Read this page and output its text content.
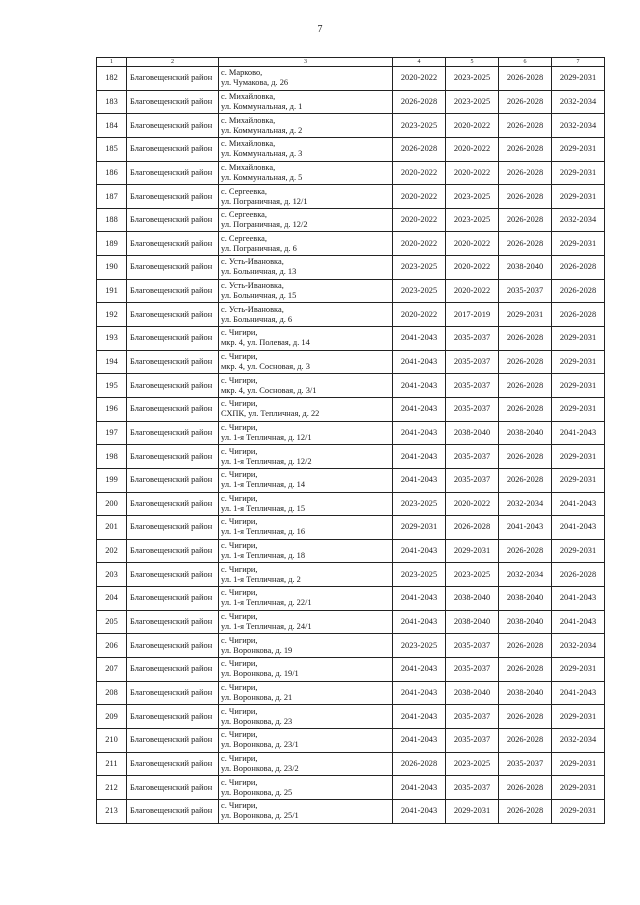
7
1	2	3	4	5	6	7
182	Благовещенский район	с. Марково,
ул. Чумакова, д. 26	2020-2022	2023-2025	2026-2028	2029-2031
183	Благовещенский район	с. Михайловка,
ул. Коммунальная, д. 1	2026-2028	2023-2025	2026-2028	2032-2034
184	Благовещенский район	с. Михайловка,
ул. Коммунальная, д. 2	2023-2025	2020-2022	2026-2028	2032-2034
185	Благовещенский район	с. Михайловка,
ул. Коммунальная, д. 3	2026-2028	2020-2022	2026-2028	2029-2031
186	Благовещенский район	с. Михайловка,
ул. Коммунальная, д. 5	2020-2022	2020-2022	2026-2028	2029-2031
187	Благовещенский район	с. Сергеевка,
ул. Пограничная, д. 12/1	2020-2022	2023-2025	2026-2028	2029-2031
188	Благовещенский район	с. Сергеевка,
ул. Пограничная, д. 12/2	2020-2022	2023-2025	2026-2028	2032-2034
189	Благовещенский район	с. Сергеевка,
ул. Пограничная, д. 6	2020-2022	2020-2022	2026-2028	2029-2031
190	Благовещенский район	с. Усть-Ивановка,
ул. Больничная, д. 13	2023-2025	2020-2022	2038-2040	2026-2028
191	Благовещенский район	с. Усть-Ивановка,
ул. Больничная, д. 15	2023-2025	2020-2022	2035-2037	2026-2028
192	Благовещенский район	с. Усть-Ивановка,
ул. Больничная, д. 6	2020-2022	2017-2019	2029-2031	2026-2028
193	Благовещенский район	с. Чигири,
мкр. 4, ул. Полевая, д. 14	2041-2043	2035-2037	2026-2028	2029-2031
194	Благовещенский район	с. Чигири,
мкр. 4, ул. Сосновая, д. 3	2041-2043	2035-2037	2026-2028	2029-2031
195	Благовещенский район	с. Чигири,
мкр. 4, ул. Сосновая, д. 3/1	2041-2043	2035-2037	2026-2028	2029-2031
196	Благовещенский район	с. Чигири,
СХПК, ул. Тепличная, д. 22	2041-2043	2035-2037	2026-2028	2029-2031
197	Благовещенский район	с. Чигири,
ул. 1-я Тепличная, д. 12/1	2041-2043	2038-2040	2038-2040	2041-2043
198	Благовещенский район	с. Чигири,
ул. 1-я Тепличная, д. 12/2	2041-2043	2035-2037	2026-2028	2029-2031
199	Благовещенский район	с. Чигири,
ул. 1-я Тепличная, д. 14	2041-2043	2035-2037	2026-2028	2029-2031
200	Благовещенский район	с. Чигири,
ул. 1-я Тепличная, д. 15	2023-2025	2020-2022	2032-2034	2041-2043
201	Благовещенский район	с. Чигири,
ул. 1-я Тепличная, д. 16	2029-2031	2026-2028	2041-2043	2041-2043
202	Благовещенский район	с. Чигири,
ул. 1-я Тепличная, д. 18	2041-2043	2029-2031	2026-2028	2029-2031
203	Благовещенский район	с. Чигири,
ул. 1-я Тепличная, д. 2	2023-2025	2023-2025	2032-2034	2026-2028
204	Благовещенский район	с. Чигири,
ул. 1-я Тепличная, д. 22/1	2041-2043	2038-2040	2038-2040	2041-2043
205	Благовещенский район	с. Чигири,
ул. 1-я Тепличная, д. 24/1	2041-2043	2038-2040	2038-2040	2041-2043
206	Благовещенский район	с. Чигири,
ул. Воронкова, д. 19	2023-2025	2035-2037	2026-2028	2032-2034
207	Благовещенский район	с. Чигири,
ул. Воронкова, д. 19/1	2041-2043	2035-2037	2026-2028	2029-2031
208	Благовещенский район	с. Чигири,
ул. Воронкова, д. 21	2041-2043	2038-2040	2038-2040	2041-2043
209	Благовещенский район	с. Чигири,
ул. Воронкова, д. 23	2041-2043	2035-2037	2026-2028	2029-2031
210	Благовещенский район	с. Чигири,
ул. Воронкова, д. 23/1	2041-2043	2035-2037	2026-2028	2032-2034
211	Благовещенский район	с. Чигири,
ул. Воронкова, д. 23/2	2026-2028	2023-2025	2035-2037	2029-2031
212	Благовещенский район	с. Чигири,
ул. Воронкова, д. 25	2041-2043	2035-2037	2026-2028	2029-2031
213	Благовещенский район	с. Чигири,
ул. Воронкова, д. 25/1	2041-2043	2029-2031	2026-2028	2029-2031
